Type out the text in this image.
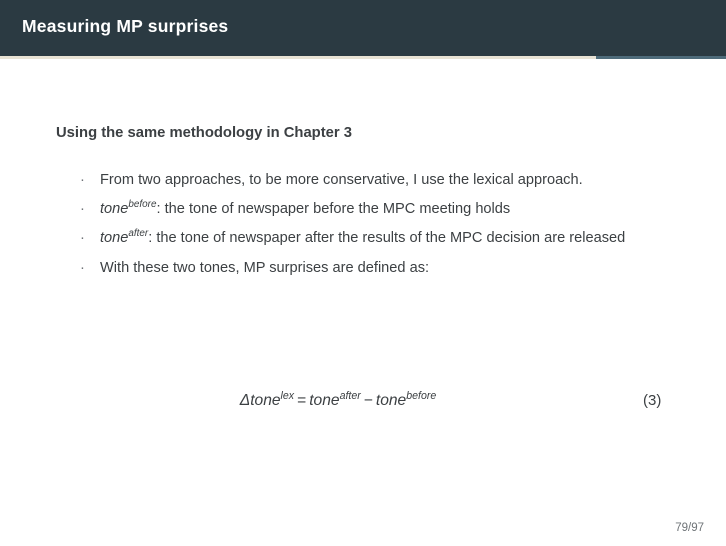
Measuring MP surprises
Using the same methodology in Chapter 3
· From two approaches, to be more conservative, I use the lexical approach.
· tone$^{before}$: the tone of newspaper before the MPC meeting holds
· tone$^{after}$: the tone of newspaper after the results of the MPC decision are released
· With these two tones, MP surprises are defined as:
Δtone$^{lex}$ = tone$^{after}$ − tone$^{before}$	(3)
79/97
